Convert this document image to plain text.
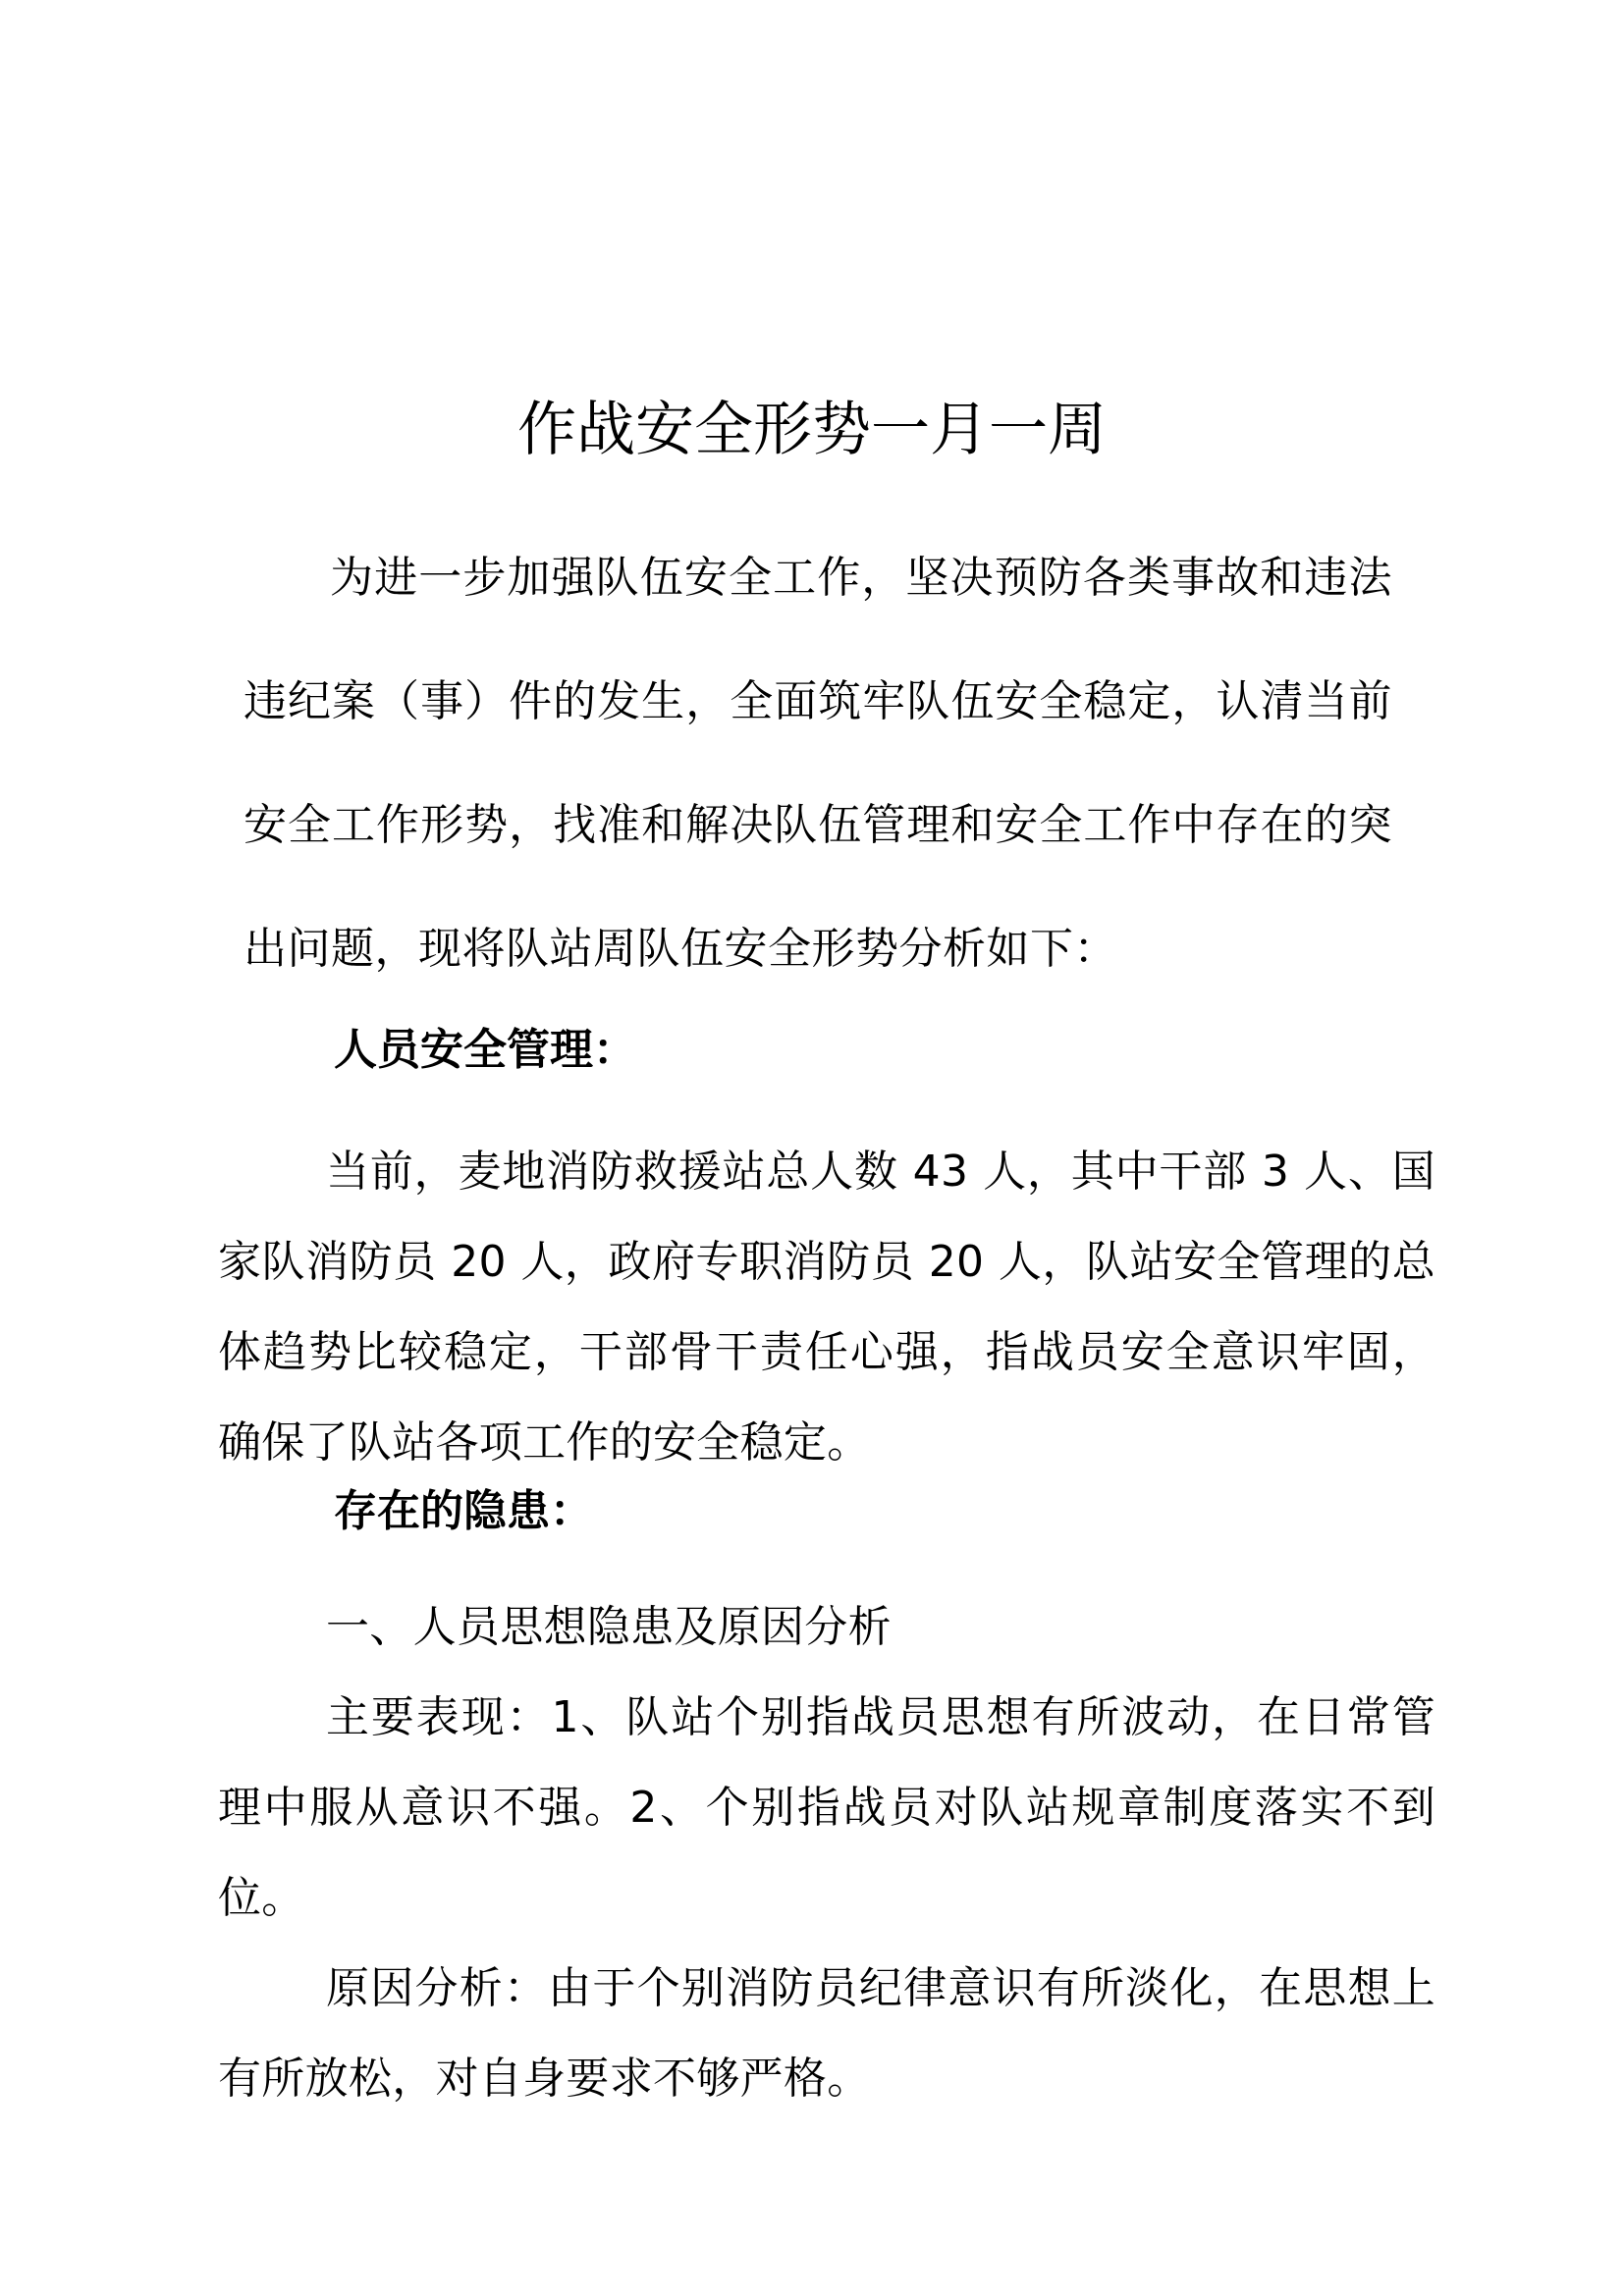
作战安全形势一月一周

为进一步加强队伍安全工作，坚决预防各类事故和违法违纪案（事）件的发生，全面筑牢队伍安全稳定，认清当前安全工作形势，找准和解决队伍管理和安全工作中存在的突出问题，现将队站周队伍安全形势分析如下：

人员安全管理：

当前，麦地消防救援站总人数 43 人，其中干部 3 人、国家队消防员 20 人，政府专职消防员 20 人，队站安全管理的总体趋势比较稳定，干部骨干责任心强，指战员安全意识牢固，确保了队站各项工作的安全稳定。

存在的隐患：

一、人员思想隐患及原因分析

主要表现：1、队站个别指战员思想有所波动，在日常管理中服从意识不强。2、个别指战员对队站规章制度落实不到位。

原因分析：由于个别消防员纪律意识有所淡化，在思想上有所放松，对自身要求不够严格。
